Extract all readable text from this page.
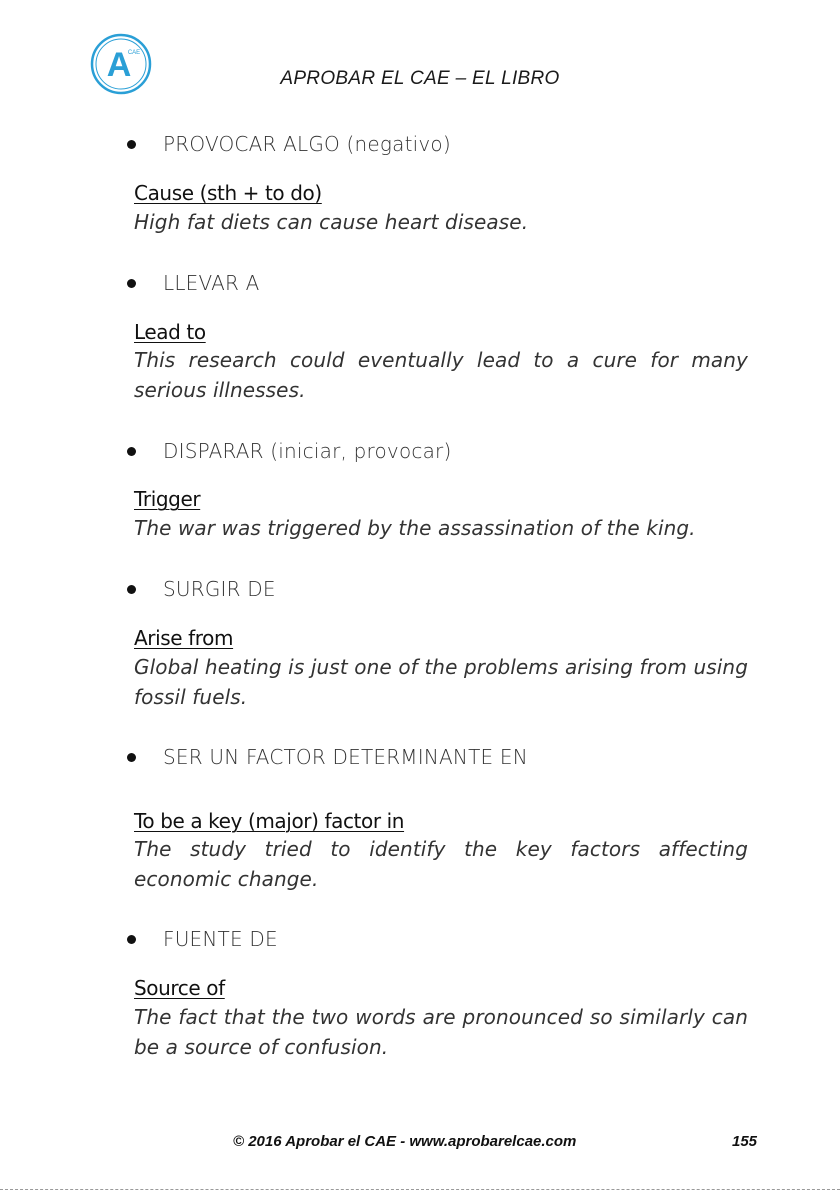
A
CAE
APROBAR EL CAE – EL LIBRO
PROVOCAR ALGO (negativo)
Cause (sth + to do)
High fat diets can cause heart disease.
LLEVAR A
Lead to
This research could eventually lead to a cure for many serious illnesses.
DISPARAR (iniciar, provocar)
Trigger
The war was triggered by the assassination of the king.
SURGIR DE
Arise from
Global heating is just one of the problems arising from using fossil fuels.
SER UN FACTOR DETERMINANTE EN
To be a key (major) factor in
The study tried to identify the key factors affecting economic change.
FUENTE DE
Source of
The fact that the two words are pronounced so similarly can be a source of confusion.
© 2016 Aprobar el CAE - www.aprobarelcae.com	155
